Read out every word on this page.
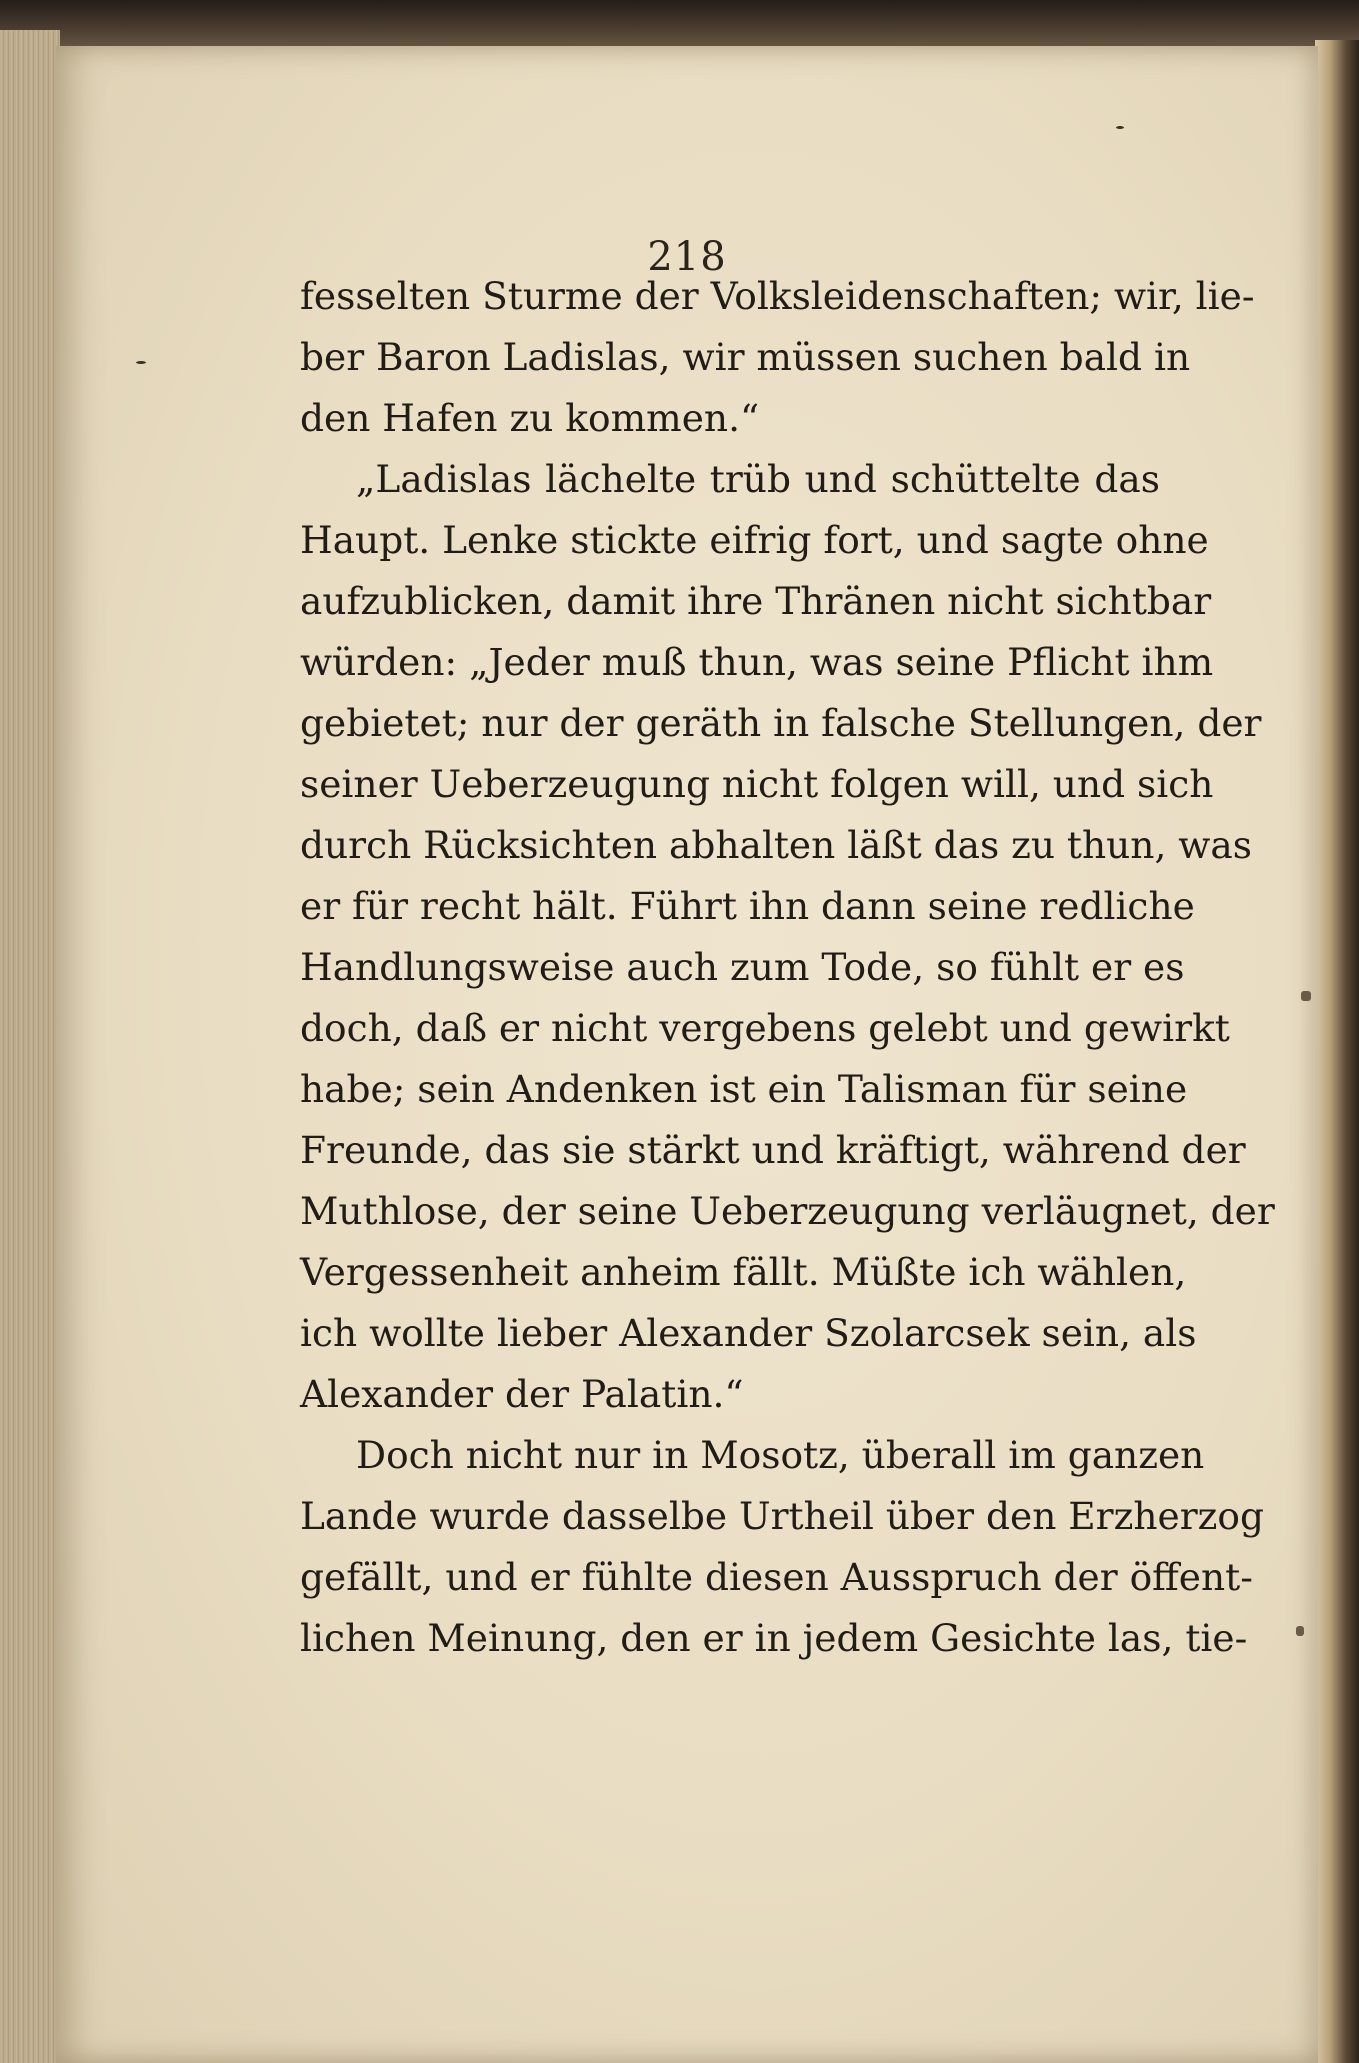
218
fesselten Sturme der Volksleidenschaften; wir, lie-
ber Baron Ladislas, wir müssen suchen bald in
den Hafen zu kommen.“
„Ladislas lächelte trüb und schüttelte das
Haupt. Lenke stickte eifrig fort, und sagte ohne
aufzublicken, damit ihre Thränen nicht sichtbar
würden: „Jeder muß thun, was seine Pflicht ihm
gebietet; nur der geräth in falsche Stellungen, der
seiner Ueberzeugung nicht folgen will, und sich
durch Rücksichten abhalten läßt das zu thun, was
er für recht hält. Führt ihn dann seine redliche
Handlungsweise auch zum Tode, so fühlt er es
doch, daß er nicht vergebens gelebt und gewirkt
habe; sein Andenken ist ein Talisman für seine
Freunde, das sie stärkt und kräftigt, während der
Muthlose, der seine Ueberzeugung verläugnet, der
Vergessenheit anheim fällt. Müßte ich wählen,
ich wollte lieber Alexander Szolarcsek sein, als
Alexander der Palatin.“
Doch nicht nur in Mosotz, überall im ganzen
Lande wurde dasselbe Urtheil über den Erzherzog
gefällt, und er fühlte diesen Ausspruch der öffent-
lichen Meinung, den er in jedem Gesichte las, tie-
